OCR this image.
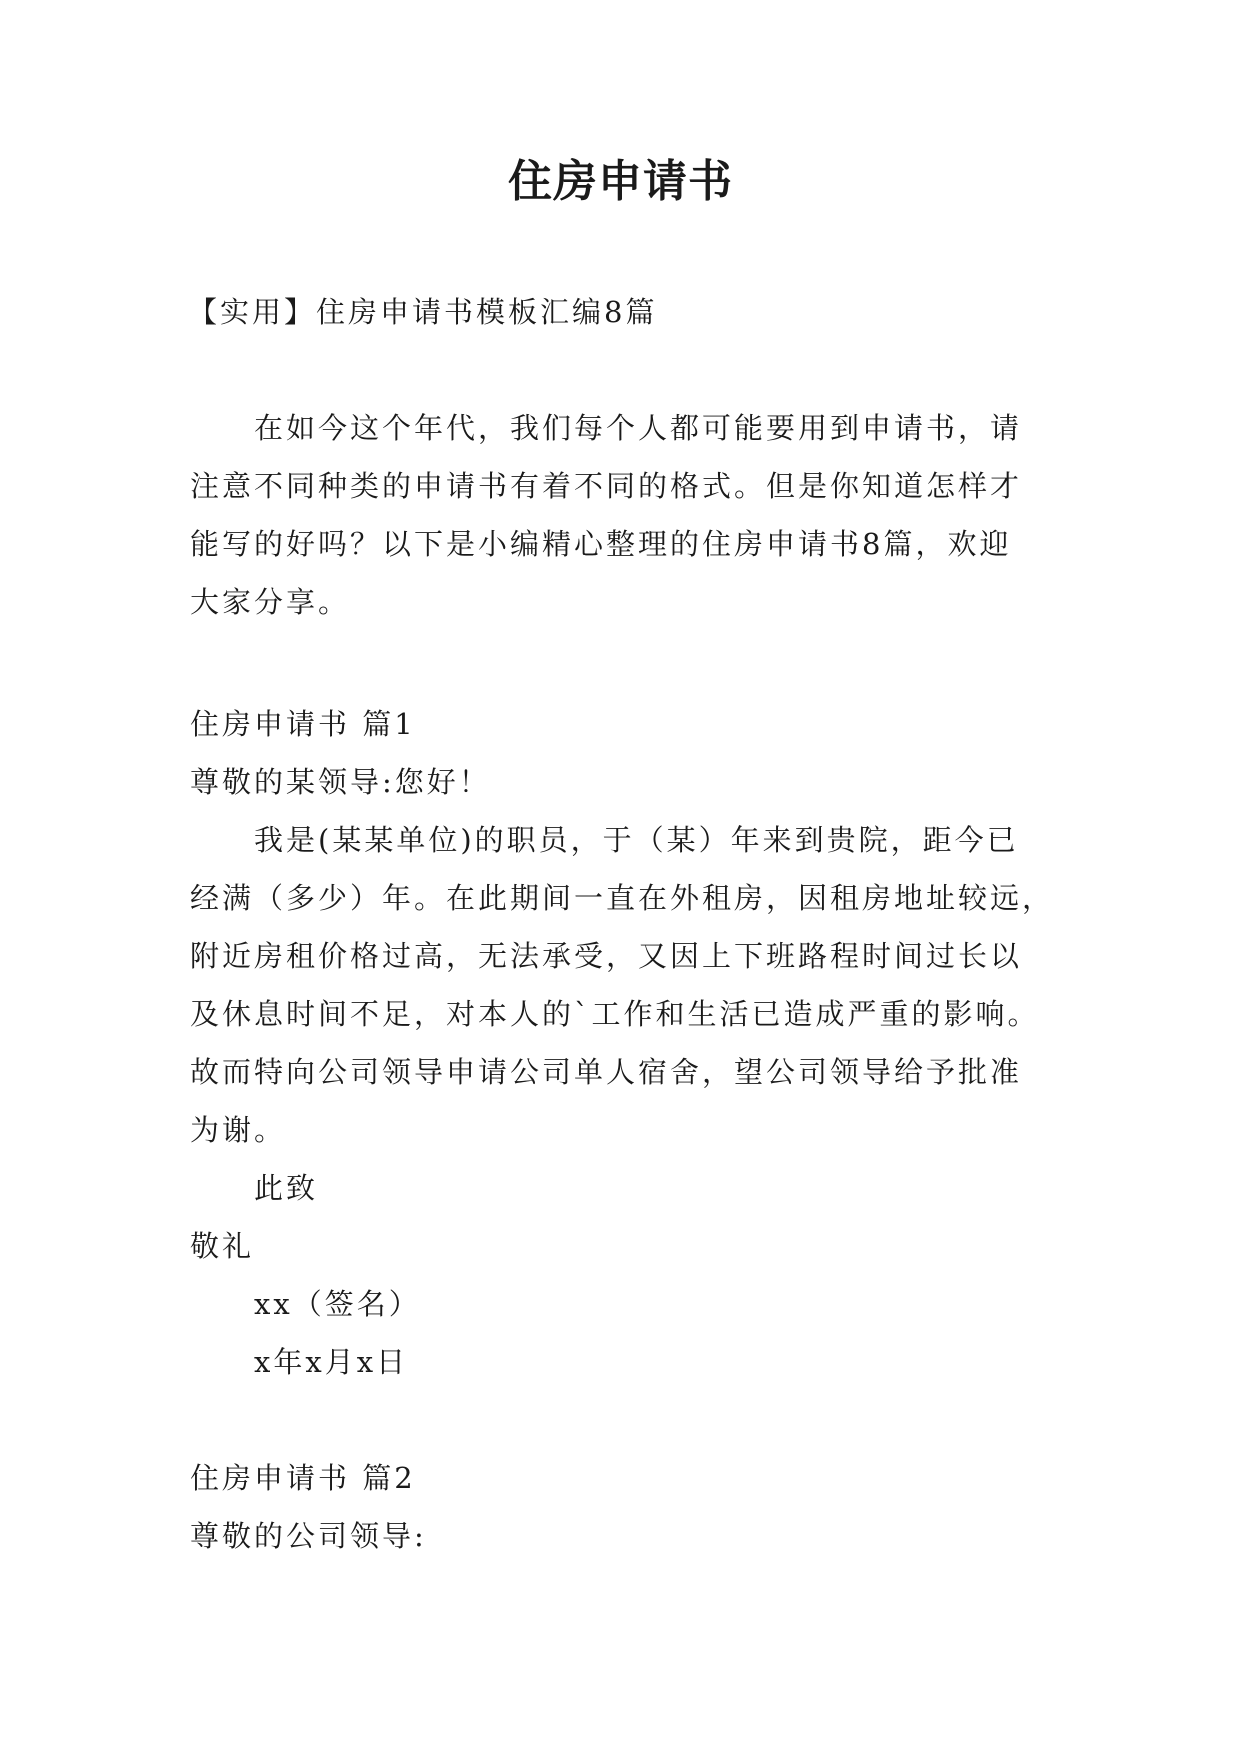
住房申请书
【实用】住房申请书模板汇编8篇
在如今这个年代，我们每个人都可能要用到申请书，请
注意不同种类的申请书有着不同的格式。但是你知道怎样才
能写的好吗？以下是小编精心整理的住房申请书8篇，欢迎
大家分享。
住房申请书 篇1
尊敬的某领导:您好！
我是(某某单位)的职员，于（某）年来到贵院，距今已
经满（多少）年。在此期间一直在外租房，因租房地址较远，
附近房租价格过高，无法承受，又因上下班路程时间过长以
及休息时间不足，对本人的`工作和生活已造成严重的影响。
故而特向公司领导申请公司单人宿舍，望公司领导给予批准
为谢。
此致
敬礼
xx（签名）
x年x月x日
住房申请书 篇2
尊敬的公司领导:
